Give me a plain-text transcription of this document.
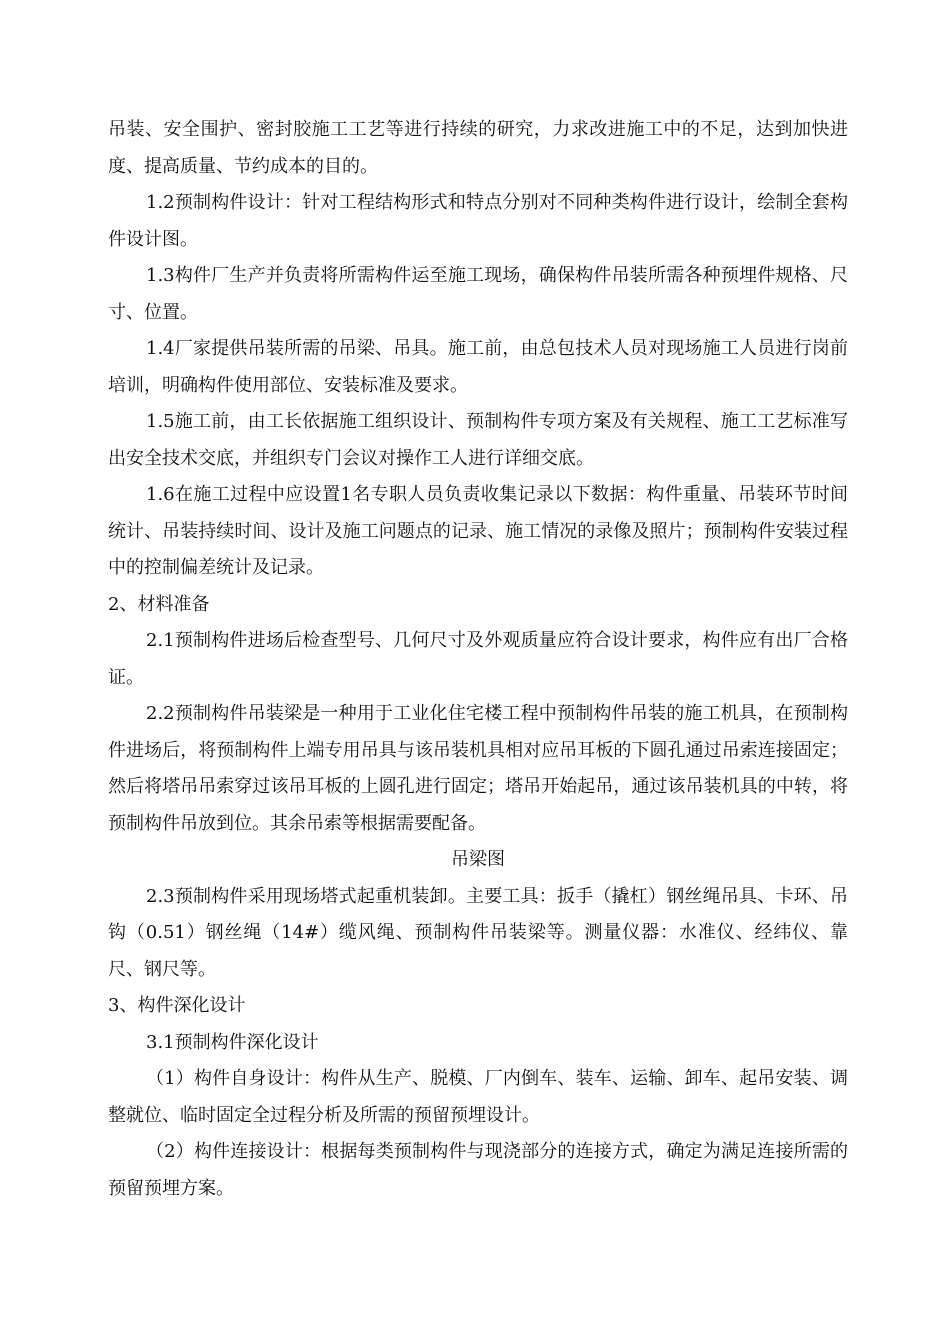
吊装、安全围护、密封胶施工工艺等进行持续的研究，力求改进施工中的不足，达到加快进度、提高质量、节约成本的目的。

1.2预制构件设计：针对工程结构形式和特点分别对不同种类构件进行设计，绘制全套构件设计图。

1.3构件厂生产并负责将所需构件运至施工现场，确保构件吊装所需各种预埋件规格、尺寸、位置。

1.4厂家提供吊装所需的吊梁、吊具。施工前，由总包技术人员对现场施工人员进行岗前培训，明确构件使用部位、安装标准及要求。

1.5施工前，由工长依据施工组织设计、预制构件专项方案及有关规程、施工工艺标准写出安全技术交底，并组织专门会议对操作工人进行详细交底。

1.6在施工过程中应设置1名专职人员负责收集记录以下数据：构件重量、吊装环节时间统计、吊装持续时间、设计及施工问题点的记录、施工情况的录像及照片；预制构件安装过程中的控制偏差统计及记录。

2、材料准备

2.1预制构件进场后检查型号、几何尺寸及外观质量应符合设计要求，构件应有出厂合格证。

2.2预制构件吊装梁是一种用于工业化住宅楼工程中预制构件吊装的施工机具，在预制构件进场后，将预制构件上端专用吊具与该吊装机具相对应吊耳板的下圆孔通过吊索连接固定；然后将塔吊吊索穿过该吊耳板的上圆孔进行固定；塔吊开始起吊，通过该吊装机具的中转，将预制构件吊放到位。其余吊索等根据需要配备。

吊梁图

2.3预制构件采用现场塔式起重机装卸。主要工具：扳手（撬杠）钢丝绳吊具、卡环、吊钩（0.51）钢丝绳（14#）缆风绳、预制构件吊装梁等。测量仪器：水准仪、经纬仪、靠尺、钢尺等。

3、构件深化设计

3.1预制构件深化设计

（1）构件自身设计：构件从生产、脱模、厂内倒车、装车、运输、卸车、起吊安装、调整就位、临时固定全过程分析及所需的预留预埋设计。

（2）构件连接设计：根据每类预制构件与现浇部分的连接方式，确定为满足连接所需的预留预埋方案。
